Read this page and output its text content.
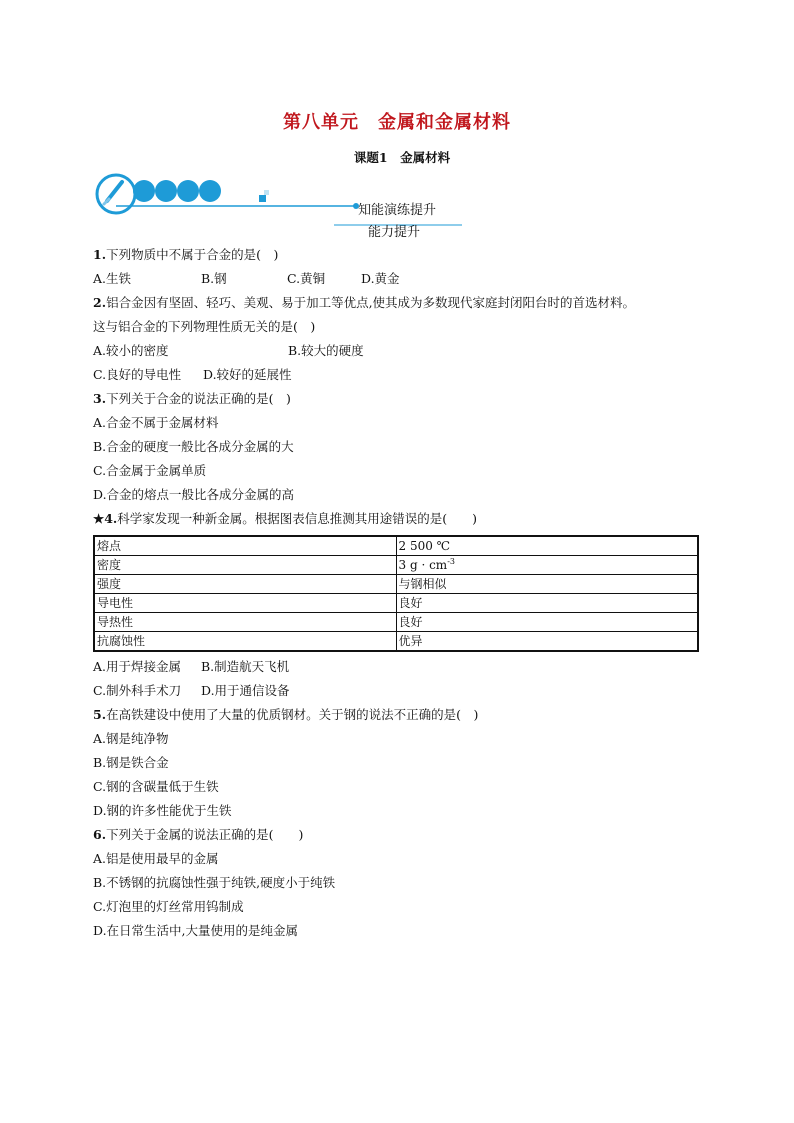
第八单元　金属和金属材料
课题1　金属材料
知能演练提升
能力提升
1.下列物质中不属于合金的是(　)
A.生铁	B.钢	C.黄铜	D.黄金
2.铝合金因有坚固、轻巧、美观、易于加工等优点,使其成为多数现代家庭封闭阳台时的首选材料。
这与铝合金的下列物理性质无关的是(　)
A.较小的密度	B.较大的硬度
C.良好的导电性 D.较好的延展性
3.下列关于合金的说法正确的是(　)
A.合金不属于金属材料
B.合金的硬度一般比各成分金属的大
C.合金属于金属单质
D.合金的熔点一般比各成分金属的高
★4.科学家发现一种新金属。根据图表信息推测其用途错误的是(　　)
熔点	2 500 ℃
密度	3 $g \cdot cm^{-3}$
强度	与钢相似
导电性	良好
导热性	良好
抗腐蚀性	优异
A.用于焊接金属 B.制造航天飞机
C.制外科手术刀 D.用于通信设备
5.在高铁建设中使用了大量的优质钢材。关于钢的说法不正确的是(　)
A.钢是纯净物
B.钢是铁合金
C.钢的含碳量低于生铁
D.钢的许多性能优于生铁
6.下列关于金属的说法正确的是(　　)
A.铝是使用最早的金属
B.不锈钢的抗腐蚀性强于纯铁,硬度小于纯铁
C.灯泡里的灯丝常用钨制成
D.在日常生活中,大量使用的是纯金属
